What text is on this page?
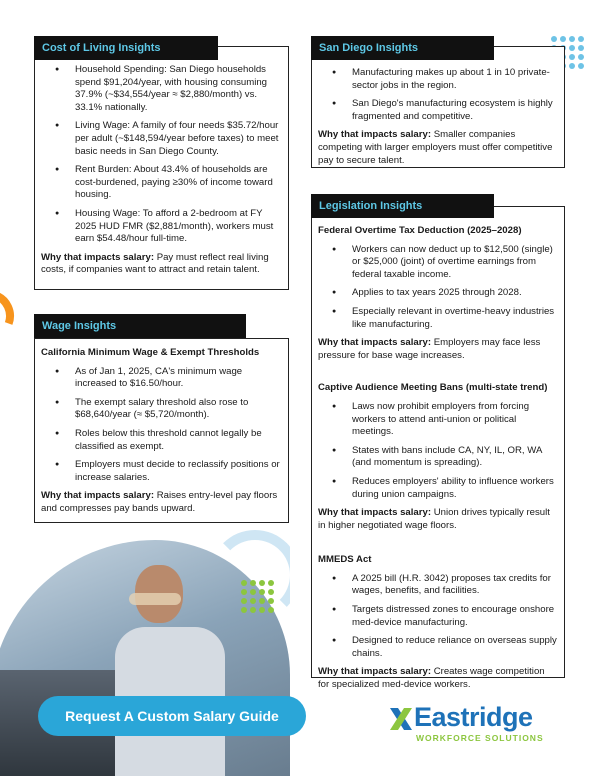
● Household Spending: San Diego households spend $91,204/year, with housing consuming 37.9% (~$34,554/year ≈ $2,880/month) vs. 33.1% nationally.
● Living Wage: A family of four needs $35.72/hour per adult (~$148,594/year before taxes) to meet basic needs in San Diego County.
● Rent Burden: About 43.4% of households are cost-burdened, paying ≥30% of income toward housing.
● Housing Wage: To afford a 2-bedroom at FY 2025 HUD FMR ($2,881/month), workers must earn $54.48/hour full-time.

Why that impacts salary: Pay must reflect real living costs, if companies want to attract and retain talent.

Cost of Living Insights

California Minimum Wage & Exempt Thresholds

● As of Jan 1, 2025, CA's minimum wage increased to $16.50/hour.
● The exempt salary threshold also rose to $68,640/year (≈ $5,720/month).
● Roles below this threshold cannot legally be classified as exempt.
● Employers must decide to reclassify positions or increase salaries.

Why that impacts salary: Raises entry-level pay floors and compresses pay bands upward.

Wage Insights
● Manufacturing makes up about 1 in 10 private-sector jobs in the region.
● San Diego's manufacturing ecosystem is highly fragmented and competitive.

Why that impacts salary: Smaller companies competing with larger employers must offer competitive pay to secure talent.

San Diego Insights

Federal Overtime Tax Deduction (2025–2028)

● Workers can now deduct up to $12,500 (single) or $25,000 (joint) of overtime earnings from federal taxable income.
● Applies to tax years 2025 through 2028.
● Especially relevant in overtime-heavy industries like manufacturing.

Why that impacts salary: Employers may face less pressure for base wage increases.

Captive Audience Meeting Bans (multi-state trend)

● Laws now prohibit employers from forcing workers to attend anti-union or political meetings.
● States with bans include CA, NY, IL, OR, WA (and momentum is spreading).
● Reduces employers' ability to influence workers during union campaigns.

Why that impacts salary: Union drives typically result in higher negotiated wage floors.

MMEDS Act

● A 2025 bill (H.R. 3042) proposes tax credits for wages, benefits, and facilities.
● Targets distressed zones to encourage onshore med-device manufacturing.
● Designed to reduce reliance on overseas supply chains.

Why that impacts salary: Creates wage competition for specialized med-device workers.

Legislation Insights
Request A Custom Salary Guide	Eastridge
WORKFORCE SOLUTIONS
